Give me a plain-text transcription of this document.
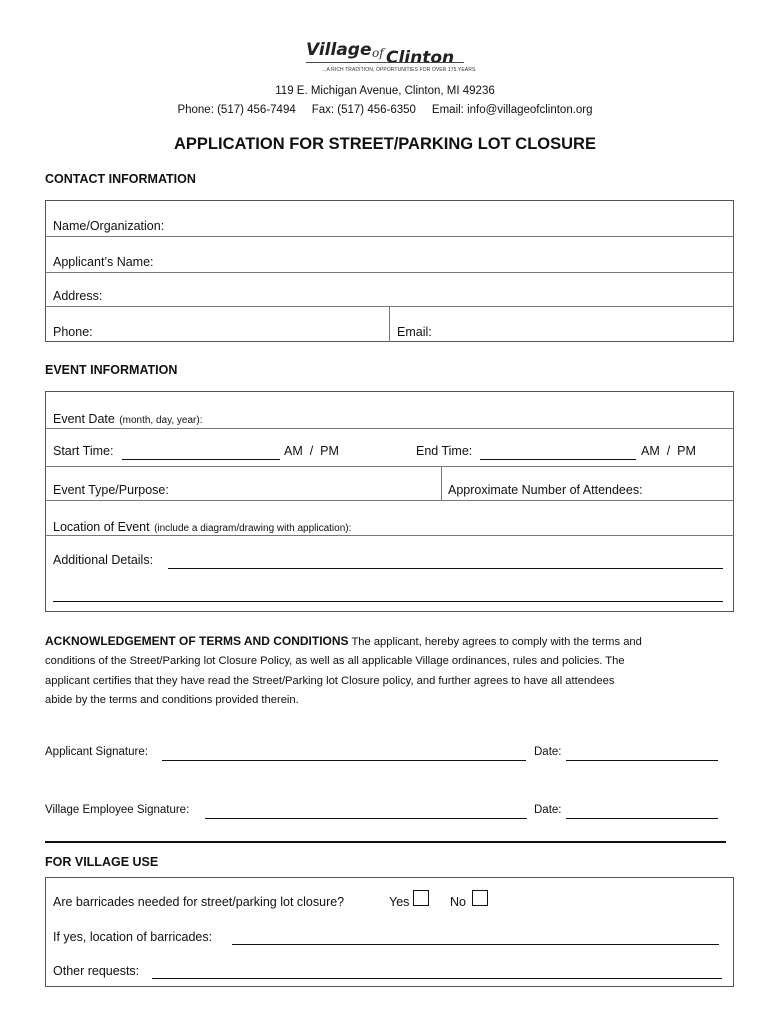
Village of Clinton
...A RICH TRADITION, OPPORTUNITIES FOR OVER 175 YEARS
119 E. Michigan Avenue, Clinton, MI 49236
Phone: (517) 456-7494 Fax: (517) 456-6350 Email: info@villageofclinton.org
APPLICATION FOR STREET/PARKING LOT CLOSURE
CONTACT INFORMATION
Name/Organization:
Applicant’s Name:
Address:
Phone:	Email:
EVENT INFORMATION
Event Date (month, day, year):
Start Time:	AM  /  PM	End Time:	AM  /  PM
Event Type/Purpose:	Approximate Number of Attendees:
Location of Event (include a diagram/drawing with application):
Additional Details:
ACKNOWLEDGEMENT OF TERMS AND CONDITIONS The applicant, hereby agrees to comply with the terms and
conditions of the Street/Parking lot Closure Policy, as well as all applicable Village ordinances, rules and policies. The
applicant certifies that they have read the Street/Parking lot Closure policy, and further agrees to have all attendees
abide by the terms and conditions provided therein.
Applicant Signature:	Date:
Village Employee Signature:	Date:
FOR VILLAGE USE
Are barricades needed for street/parking lot closure?	Yes	No
If yes, location of barricades:
Other requests:
